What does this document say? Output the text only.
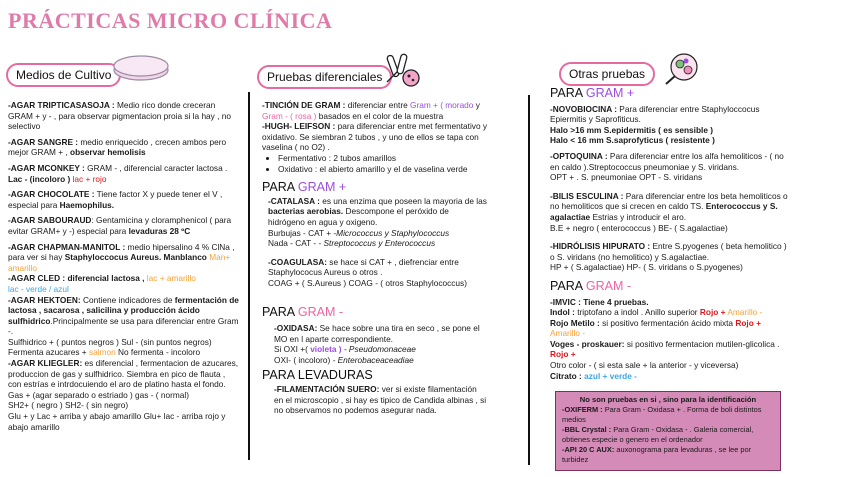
PRÁCTICAS MICRO CLÍNICA
Medios de Cultivo	Pruebas diferenciales	Otras pruebas

-AGAR TRIPTICASASOJA : Medio rico donde creceran GRAM + y - , para observar pigmentacion proia si la hay , no selectivo

-AGAR SANGRE : medio enriquecido , crecen ambos pero mejor GRAM + , observar hemolisis

-AGAR MCONKEY : GRAM - , diferencial caracter lactosa . Lac - (incoloro ) lac + rojo

-AGAR CHOCOLATE : Tiene factor X y puede tener el V , especial para Haemophilus.

-AGAR SABOURAUD: Gentamicina y cloramphenicol ( para evitar GRAM+ y -) especial para levaduras 28 ºC

-AGAR CHAPMAN-MANITOL : medio hipersalino 4 % ClNa , para ver si hay Staphyloccocus Aureus. Manblanco Man+ amarillo

-AGAR CLED : diferencial lactosa , lac + amarillo

lac - verde / azul

-AGAR HEKTOEN: Contiene indicadores de fermentación de lactosa , sacarosa , salicilina y producción ácido sulfhidrico.Principalmente se usa para diferenciar entre Gram -.

Sulfhidrico + ( puntos negros ) Sul - (sin puntos negros)

Fermenta azucares + salmon No fermenta - incoloro

-AGAR KLIEGLER: es diferencial , fermentacion de azucares, produccion de gas y sulfhidrico. Siembra en pico de flauta , con estrías e intrdocuiendo el aro de platino hasta el fondo.

Gas + (agar separado o estriado ) gas - ( normal)

SH2+ ( negro ) SH2- ( sin negro)

Glu + y Lac + arriba y abajo amarillo Glu+ lac - arriba rojo y abajo amarillo

-TINCIÓN DE GRAM : diferenciar entre Gram + ( morado y Gram - ( rosa ) basados en el color de la muestra

-HUGH- LEIFSON : para diferenciar entre met fermentativo y oxidativo. Se siembran 2 tubos , y uno de ellos se tapa con vaselina ( no O2) .

• Fermentativo : 2 tubos amarillos
• Oxidativo : el abierto amarillo y el de vaselina verde

PARA GRAM +

-CATALASA : es una enzima que poseen la mayoria de las bacterias aerobias. Descompone el peróxido de hidrógeno en agua y oxigeno.

Burbujas - CAT + -Micrococcus y Staphylococcus

Nada - CAT - - Streptococcus y Enterococcus

-COAGULASA: se hace si CAT + , diefrenciar entre Staphylococus Aureus o otros .

COAG + ( S.Aureus ) COAG - ( otros Staphylococcus)

PARA GRAM -

-OXIDASA: Se hace sobre una tira en seco , se pone el MO en l aparte correspondiente.

Si OXI +( violeta ) - Pseudomonaceae

OXI- ( incoloro) - Enterobaceaceadiae

PARA LEVADURAS

-FILAMENTACIÓN SUERO: ver si existe filamentación en el microscopio , si hay es tipico de Candida albinas , si no observamos no podemos asegurar nada.

PARA GRAM +

-NOVOBIOCINA : Para diferenciar entre Staphyloccocus Epiermitis y Saprofiticus.

Halo >16 mm S.epidermitis ( es sensible )

Halo < 16 mm S.saprofyticus ( resistente )

-OPTOQUINA : Para diferenciar entre los alfa hemoliticos - ( no en caldo ).Streptococcus pneumoniae y S. viridans.

OPT + . S. pneumoniae OPT - S. viridans

-BILIS ESCULINA : Para diferenciar entre los beta hemoliticos o no hemoliticos que si crecen en caldo TS. Enterococcus y S. agalactiae Estrias y introducir el aro.

B.E + negro ( enterococcus ) BE- ( S.agalactiae)

-HIDRÓLISIS HIPURATO : Entre S.pyogenes ( beta hemolitico ) o S. viridans (no hemolitico) y S.agalactiae.

HP + ( S.agalactiae) HP- ( S. viridans o S.pyogenes)

PARA GRAM -

-IMVIC : Tiene 4 pruebas.

Indol : triptofano a indol . Anillo superior Rojo + Amarillo -

Rojo Metilo : si positivo fermentación ácido mixta Rojo + Amarillo -

Voges - proskauer: si positivo fermentacion mutilen-glicolica . Rojo +

Otro color - ( si esta sale + la anterior - y viceversa)

Citrato : azul + verde -

No son pruebas en si , sino para la identificación

-OXIFERM : Para Gram - Oxidasa + . Forma de boli distintos medios

-BBL Crystal : Para Gram - Oxidasa - . Galeria comercial, obtienes especie o genero en el ordenador

-API 20 C AUX: auxonograma para levaduras , se lee por turbidez
